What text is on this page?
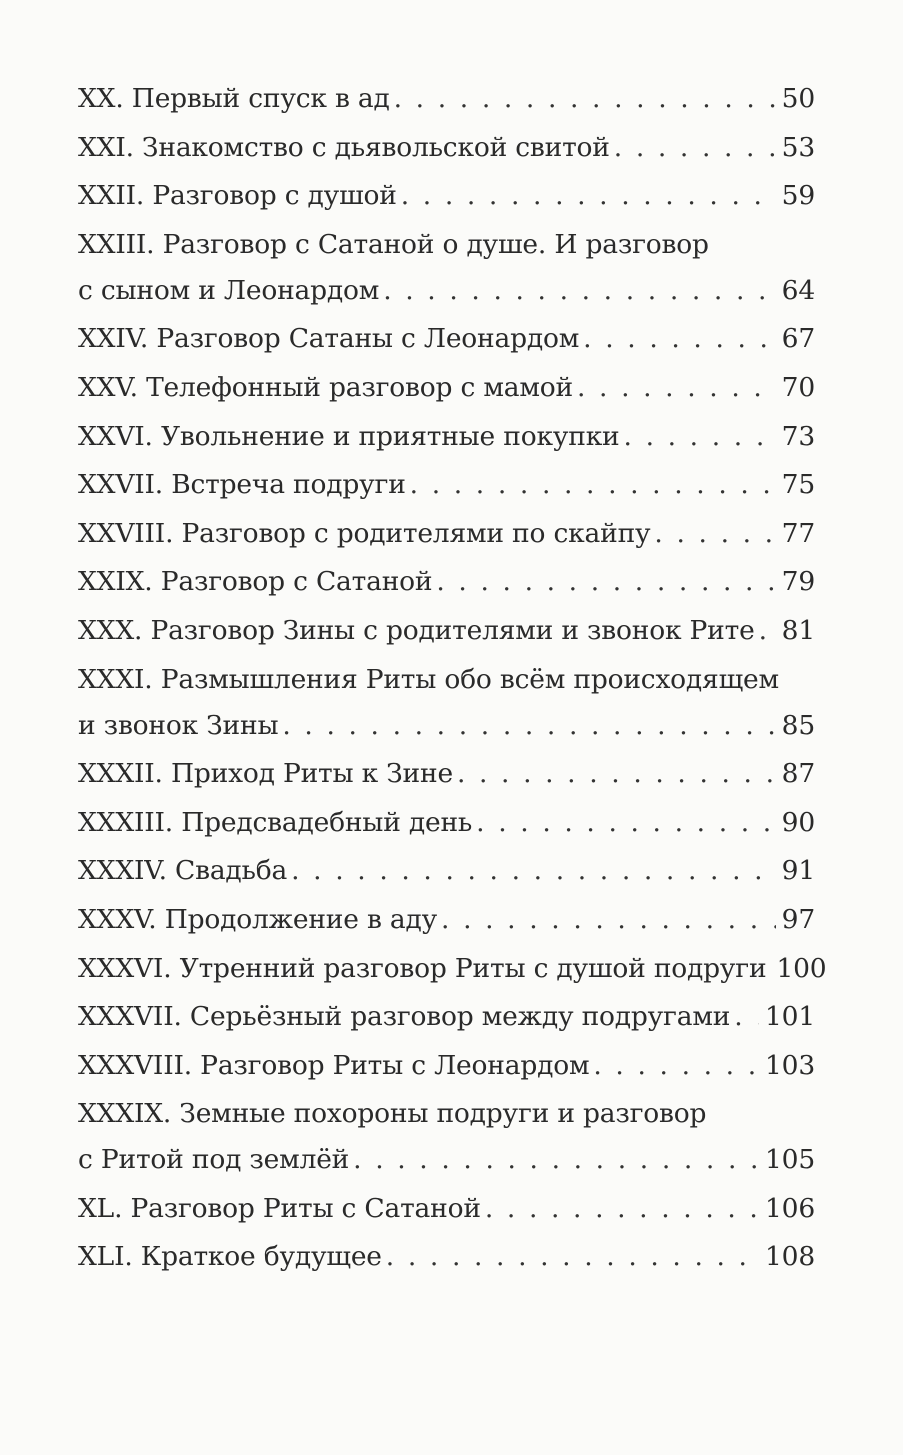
XX. Первый спуск в ад . . .	50
XXI. Знакомство с дьявольской свитой . . .	53
XXII. Разговор с душой . . .	59
XXIII. Разговор с Сатаной о душе. И разговор
с сыном и Леонардом . . .	64
XXIV. Разговор Сатаны с Леонардом . . .	67
XXV. Телефонный разговор с мамой . . .	70
XXVI. Увольнение и приятные покупки . . .	73
XXVII. Встреча подруги . . .	75
XXVIII. Разговор с родителями по скайпу . . .	77
XXIX. Разговор с Сатаной . . .	79
XXX. Разговор Зины с родителями и звонок Рите . . . 81
XXXI. Размышления Риты обо всём происходящем
и звонок Зины . . .	85
XXXII. Приход Риты к Зине . . .	87
XXXIII. Предсвадебный день . . .	90
XXXIV. Свадьба . . .	91
XXXV. Продолжение в аду . . .	97
XXXVI. Утренний разговор Риты с душой подруги 100
XXXVII. Серьёзный разговор между подругами . . . 101
XXXVIII. Разговор Риты с Леонардом . . .	103
XXXIX. Земные похороны подруги и разговор
с Ритой под землёй . . .	105
XL. Разговор Риты с Сатаной . . .	106
XLI. Краткое будущее . . .	108
